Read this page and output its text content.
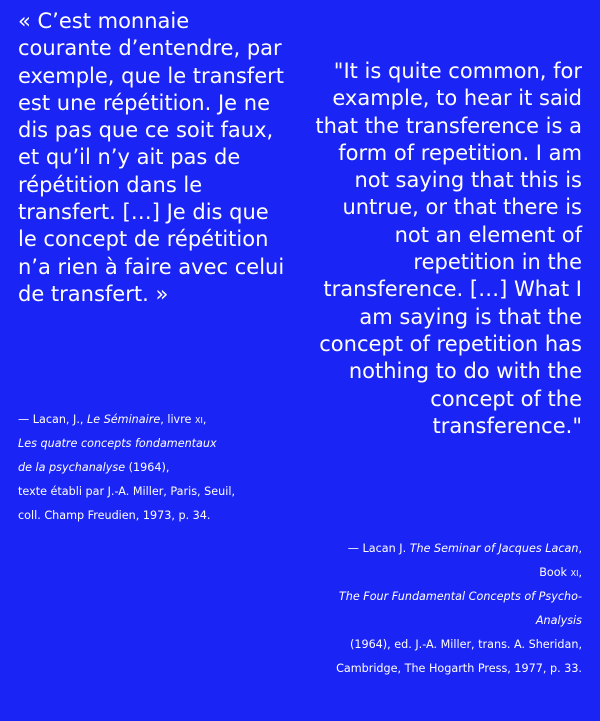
« C’est monnaie courante d’entendre, par exemple, que le transfert est une répétition. Je ne dis pas que ce soit faux, et qu’il n’y ait pas de répétition dans le transfert. […] Je dis que le concept de répétition n’a rien à faire avec celui de transfert. »

"It is quite common, for example, to hear it said that the transference is a form of repetition. I am not saying that this is untrue, or that there is not an element of repetition in the transference. […] What I am saying is that the concept of repetition has nothing to do with the concept of the transference."

— Lacan, J., Le Séminaire, livre xi,
Les quatre concepts fondamentaux
de la psychanalyse (1964),
texte établi par J.-A. Miller, Paris, Seuil,
coll. Champ Freudien, 1973, p. 34.
— Lacan J. The Seminar of Jacques Lacan,
Book xi,
The Four Fundamental Concepts of Psycho-Analysis
(1964), ed. J.-A. Miller, trans. A. Sheridan, Cambridge, The Hogarth Press, 1977, p. 33.
